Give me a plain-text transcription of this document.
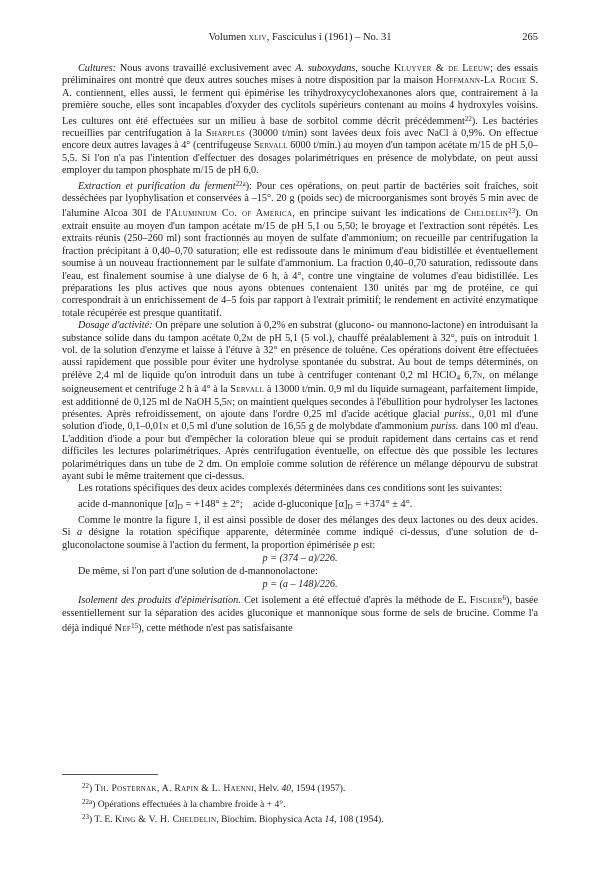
Volumen xliv, Fasciculus i (1961) – No. 31	265

Cultures: Nous avons travaillé exclusivement avec A. suboxydans, souche Kluyver & de Leeuw; des essais préliminaires ont montré que deux autres souches mises à notre disposition par la maison Hoffmann-La Roche S. A. contiennent, elles aussi, le ferment qui épimérise les trihydroxycyclohexanones alors que, contrairement à la première souche, elles sont incapables d'oxyder des cyclitols supérieurs contenant au moins 4 hydroxyles voisins. Les cultures ont été effectuées sur un milieu à base de sorbitol comme décrit précédemment$^{22}$). Les bactéries recueillies par centrifugation à la Sharples (30000 t/min) sont lavées deux fois avec NaCl à 0,9%. On effectue encore deux autres lavages à 4° (centrifugeuse Servall 6000 t/min.) au moyen d'un tampon acétate m/15 de pH 5,0–5,5. Si l'on n'a pas l'intention d'effectuer des dosages polarimétriques en présence de molybdate, on peut aussi employer du tampon phosphate m/15 de pH 6,0.

Extraction et purification du ferment$^{22a}$): Pour ces opérations, on peut partir de bactéries soit fraîches, soit desséchées par lyophylisation et conservées à –15°. 20 g (poids sec) de microorganismes sont broyés 5 min avec de l'alumine Alcoa 301 de l'Aluminium Co. of America, en principe suivant les indications de Cheldelin$^{23}$). On extrait ensuite au moyen d'un tampon acétate m/15 de pH 5,1 ou 5,50; le broyage et l'extraction sont répétés. Les extraits réunis (250–260 ml) sont fractionnés au moyen de sulfate d'ammonium; on recueille par centrifugation la fraction précipitant à 0,40–0,70 saturation; elle est redissoute dans le minimum d'eau bidistillée et éventuellement soumise à un nouveau fractionnement par le sulfate d'ammonium. La fraction 0,40–0,70 saturation, redissoute dans l'eau, est finalement soumise à une dialyse de 6 h, à 4°, contre une vingtaine de volumes d'eau bidistillée. Les préparations les plus actives que nous ayons obtenues contenaient 130 unités par mg de protéine, ce qui correspondrait à un enrichissement de 4–5 fois par rapport à l'extrait primitif; le rendement en activité enzymatique totale récupérée est presque quantitatif.

Dosage d'activité: On prépare une solution à 0,2% en substrat (glucono- ou mannono-lactone) en introduisant la substance solide dans du tampon acétate 0,2m de pH 5,1 (5 vol.), chauffé préalablement à 32°, puis on introduit 1 vol. de la solution d'enzyme et laisse à l'étuve à 32° en présence de toluène. Ces opérations doivent être effectuées aussi rapidement que possible pour éviter une hydrolyse spontanée du substrat. Au bout de temps déterminés, on prélève 2,4 ml de liquide qu'on introduit dans un tube à centrifuger contenant 0,2 ml HClO$_4$ 6,7n, on mélange soigneusement et centrifuge 2 h à 4° à la Servall à 13000 t/min. 0,9 ml du liquide surnageant, parfaitement limpide, est additionné de 0,125 ml de NaOH 5,5n; on maintient quelques secondes à l'ébullition pour hydrolyser les lactones présentes. Après refroidissement, on ajoute dans l'ordre 0,25 ml d'acide acétique glacial puriss., 0,01 ml d'une solution d'iode, 0,1–0,01n et 0,5 ml d'une solution de 16,55 g de molybdate d'ammonium puriss. dans 100 ml d'eau. L'addition d'iode a pour but d'empêcher la coloration bleue qui se produit rapidement dans certains cas et rend difficiles les lectures polarimétriques. Après centrifugation éventuelle, on effectue dès que possible les lectures polarimétriques dans un tube de 2 dm. On emploie comme solution de référence un mélange dépourvu de substrat ayant subi le même traitement que ci-dessus.

Les rotations spécifiques des deux acides complexés déterminées dans ces conditions sont les suivantes:

acide d-mannonique $[\alpha]_D = +148^\circ \pm 2^\circ$; acide d-gluconique $[\alpha]_D = +374^\circ \pm 4^\circ$.

Comme le montre la figure 1, il est ainsi possible de doser des mélanges des deux lactones ou des deux acides. Si a désigne la rotation spécifique apparente, déterminée comme indiqué ci-dessus, d'une solution de d-gluconolactone soumise à l'action du ferment, la proportion épimérisée p est:

p = (374 – a)/226.

De même, si l'on part d'une solution de d-mannonolactone:

p = (a – 148)/226.

Isolement des produits d'épimérisation. Cet isolement a été effectué d'après la méthode de E. Fischer$^6$), basée essentiellement sur la séparation des acides gluconique et mannonique sous forme de sels de brucine. Comme l'a déjà indiqué Nef$^{15}$), cette méthode n'est pas satisfaisante

$^{22}$) Th. Posternak, A. Rapin & L. Haenni, Helv. 40, 1594 (1957).
$^{22a}$) Opérations effectuées à la chambre froide à + 4°.
$^{23}$) T. E. King & V. H. Cheldelin, Biochim. Biophysica Acta 14, 108 (1954).
